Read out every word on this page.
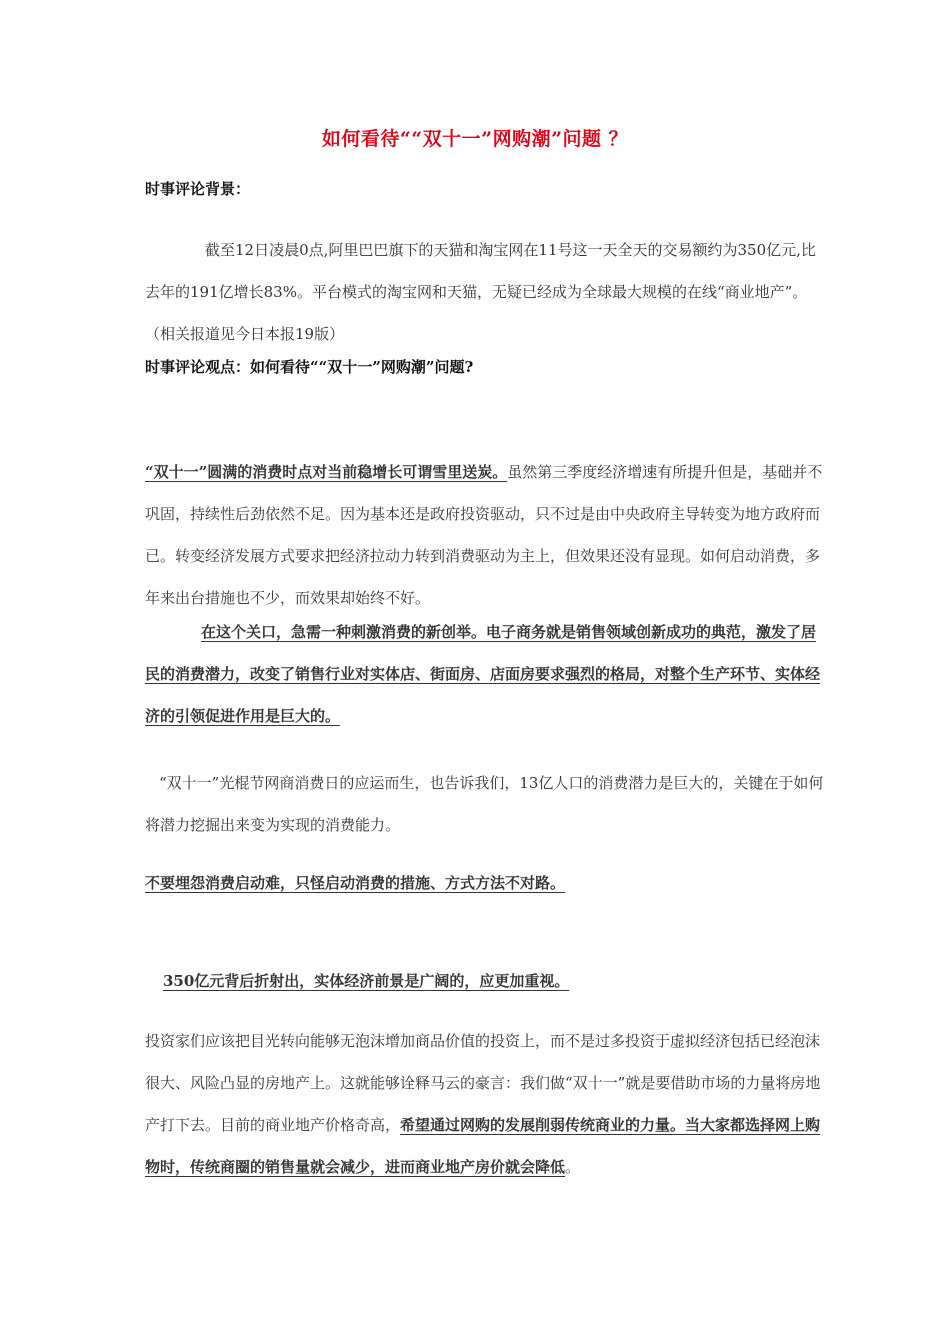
如何看待““双十一”网购潮”问题 ？
时事评论背景：
截至12日凌晨0点,阿里巴巴旗下的天猫和淘宝网在11号这一天全天的交易额约为350亿元,比去年的191亿增长83%。平台模式的淘宝网和天猫，无疑已经成为全球最大规模的在线“商业地产”。（相关报道见今日本报19版）
时事评论观点：如何看待““双十一”网购潮”问题?
“双十一”圆满的消费时点对当前稳增长可谓雪里送炭。虽然第三季度经济增速有所提升但是，基础并不巩固，持续性后劲依然不足。因为基本还是政府投资驱动，只不过是由中央政府主导转变为地方政府而已。转变经济发展方式要求把经济拉动力转到消费驱动为主上，但效果还没有显现。如何启动消费，多年来出台措施也不少，而效果却始终不好。
在这个关口，急需一种刺激消费的新创举。电子商务就是销售领域创新成功的典范，激发了居民的消费潜力，改变了销售行业对实体店、街面房、店面房要求强烈的格局，对整个生产环节、实体经济的引领促进作用是巨大的。
“双十一”光棍节网商消费日的应运而生，也告诉我们，13亿人口的消费潜力是巨大的，关键在于如何将潜力挖掘出来变为实现的消费能力。
不要埋怨消费启动难，只怪启动消费的措施、方式方法不对路。
350亿元背后折射出，实体经济前景是广阔的，应更加重视。
投资家们应该把目光转向能够无泡沫增加商品价值的投资上，而不是过多投资于虚拟经济包括已经泡沫很大、风险凸显的房地产上。这就能够诠释马云的豪言：我们做“双十一”就是要借助市场的力量将房地产打下去。目前的商业地产价格奇高，希望通过网购的发展削弱传统商业的力量。当大家都选择网上购物时，传统商圈的销售量就会减少，进而商业地产房价就会降低。
